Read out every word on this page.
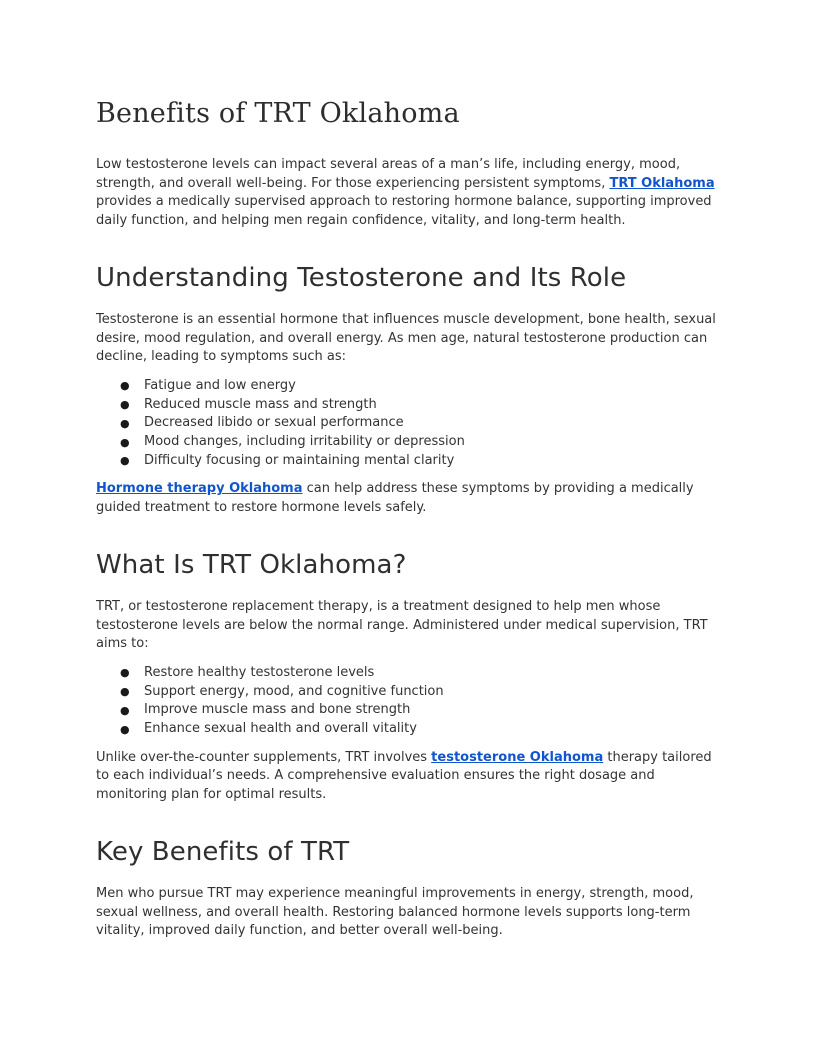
Benefits of TRT Oklahoma

Low testosterone levels can impact several areas of a man’s life, including energy, mood, strength, and overall well-being. For those experiencing persistent symptoms, TRT Oklahoma provides a medically supervised approach to restoring hormone balance, supporting improved daily function, and helping men regain confidence, vitality, and long-term health.

Understanding Testosterone and Its Role

Testosterone is an essential hormone that influences muscle development, bone health, sexual desire, mood regulation, and overall energy. As men age, natural testosterone production can decline, leading to symptoms such as:

● Fatigue and low energy
● Reduced muscle mass and strength
● Decreased libido or sexual performance
● Mood changes, including irritability or depression
● Difficulty focusing or maintaining mental clarity

Hormone therapy Oklahoma can help address these symptoms by providing a medically guided treatment to restore hormone levels safely.

What Is TRT Oklahoma?

TRT, or testosterone replacement therapy, is a treatment designed to help men whose testosterone levels are below the normal range. Administered under medical supervision, TRT aims to:

● Restore healthy testosterone levels
● Support energy, mood, and cognitive function
● Improve muscle mass and bone strength
● Enhance sexual health and overall vitality

Unlike over-the-counter supplements, TRT involves testosterone Oklahoma therapy tailored to each individual’s needs. A comprehensive evaluation ensures the right dosage and monitoring plan for optimal results.

Key Benefits of TRT

Men who pursue TRT may experience meaningful improvements in energy, strength, mood, sexual wellness, and overall health. Restoring balanced hormone levels supports long-term vitality, improved daily function, and better overall well-being.
